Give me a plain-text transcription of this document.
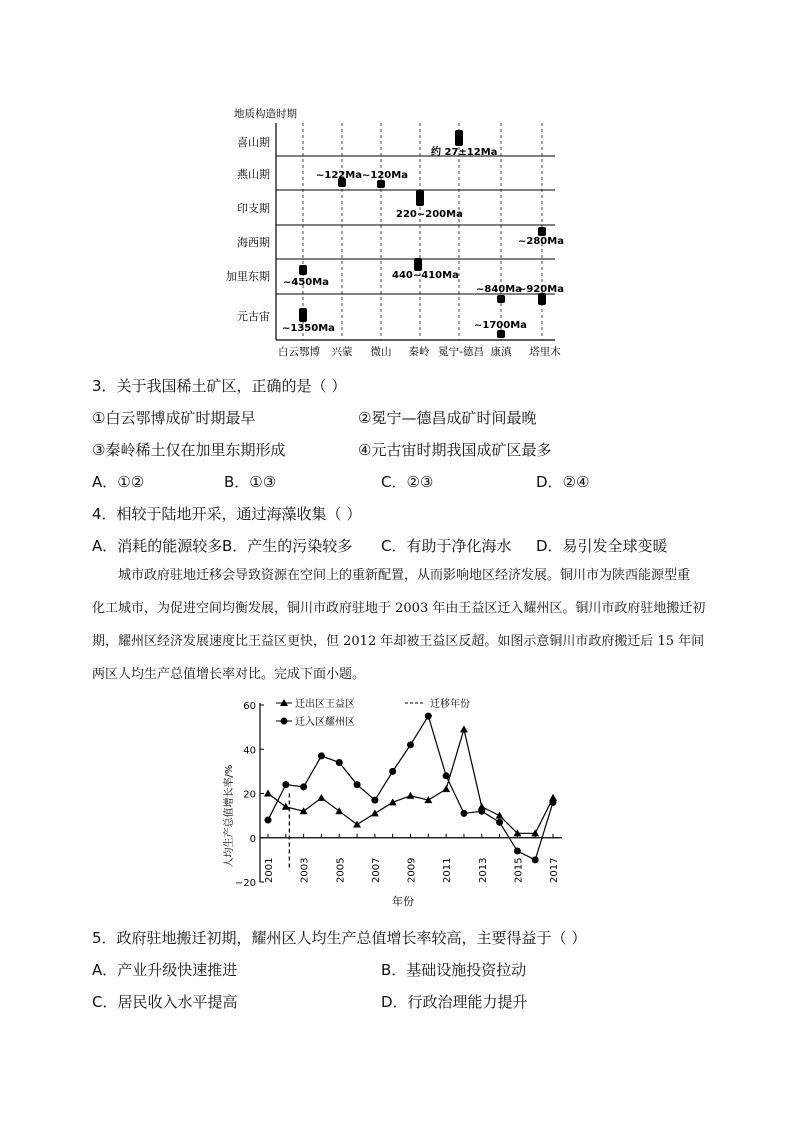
地质构造时期
喜山期
燕山期
印支期
海西期
加里东期
元古宙
白云鄂博 兴蒙 微山 秦岭 冕宁-德昌 康滇 塔里木
~1350Ma
~450Ma
~122Ma ~120Ma
220~200Ma
440~410Ma
约 27±12Ma
~840Ma
~1700Ma
~280Ma
~920Ma
3．关于我国稀土矿区，正确的是（ ）
①白云鄂博成矿时期最早	②冕宁—德昌成矿时间最晚
③秦岭稀土仅在加里东期形成	④元古宙时期我国成矿区最多
A．①②	B．①③	C．②③	D．②④
4．相较于陆地开采，通过海藻收集（ ）
A．消耗的能源较多 B．产生的污染较多 C．有助于净化海水 D．易引发全球变暖
城市政府驻地迁移会导致资源在空间上的重新配置，从而影响地区经济发展。铜川市为陕西能源型重
化工城市，为促进空间均衡发展，铜川市政府驻地于 2003 年由王益区迁入耀州区。铜川市政府驻地搬迁初
期，耀州区经济发展速度比王益区更快，但 2012 年却被王益区反超。如图示意铜川市政府搬迁后 15 年间
两区人均生产总值增长率对比。完成下面小题。
人均生产总值增长率/%
年份
迁出区王益区	迁移年份
迁入区耀州区
60
40
20
0
−20
2001 2003 2005 2007 2009 2011 2013 2015 2017
5．政府驻地搬迁初期，耀州区人均生产总值增长率较高，主要得益于（ ）
A．产业升级快速推进	B．基础设施投资拉动
C．居民收入水平提高	D．行政治理能力提升
